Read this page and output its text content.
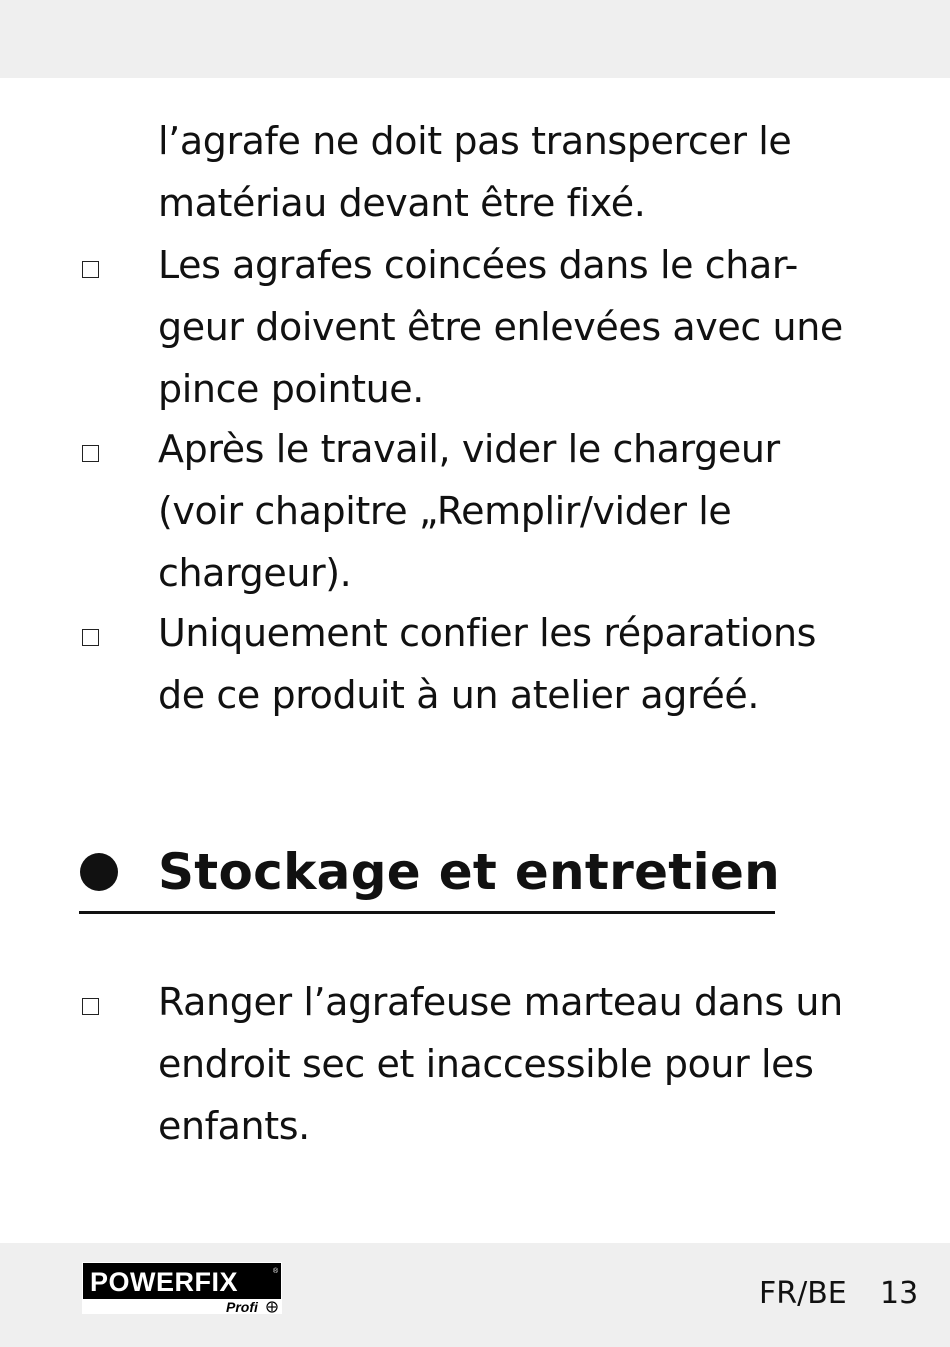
l’agrafe ne doit pas transpercer le
matériau devant être fixé.
Les agrafes coincées dans le char-
geur doivent être enlevées avec une
pince pointue.
Après le travail, vider le chargeur
(voir chapitre „Remplir/vider le
chargeur).
Uniquement confier les réparations
de ce produit à un atelier agréé.
Stockage et entretien
Ranger l’agrafeuse marteau dans un
endroit sec et inaccessible pour les
enfants.
POWERFIX	®
Profi	FR/BE 13
